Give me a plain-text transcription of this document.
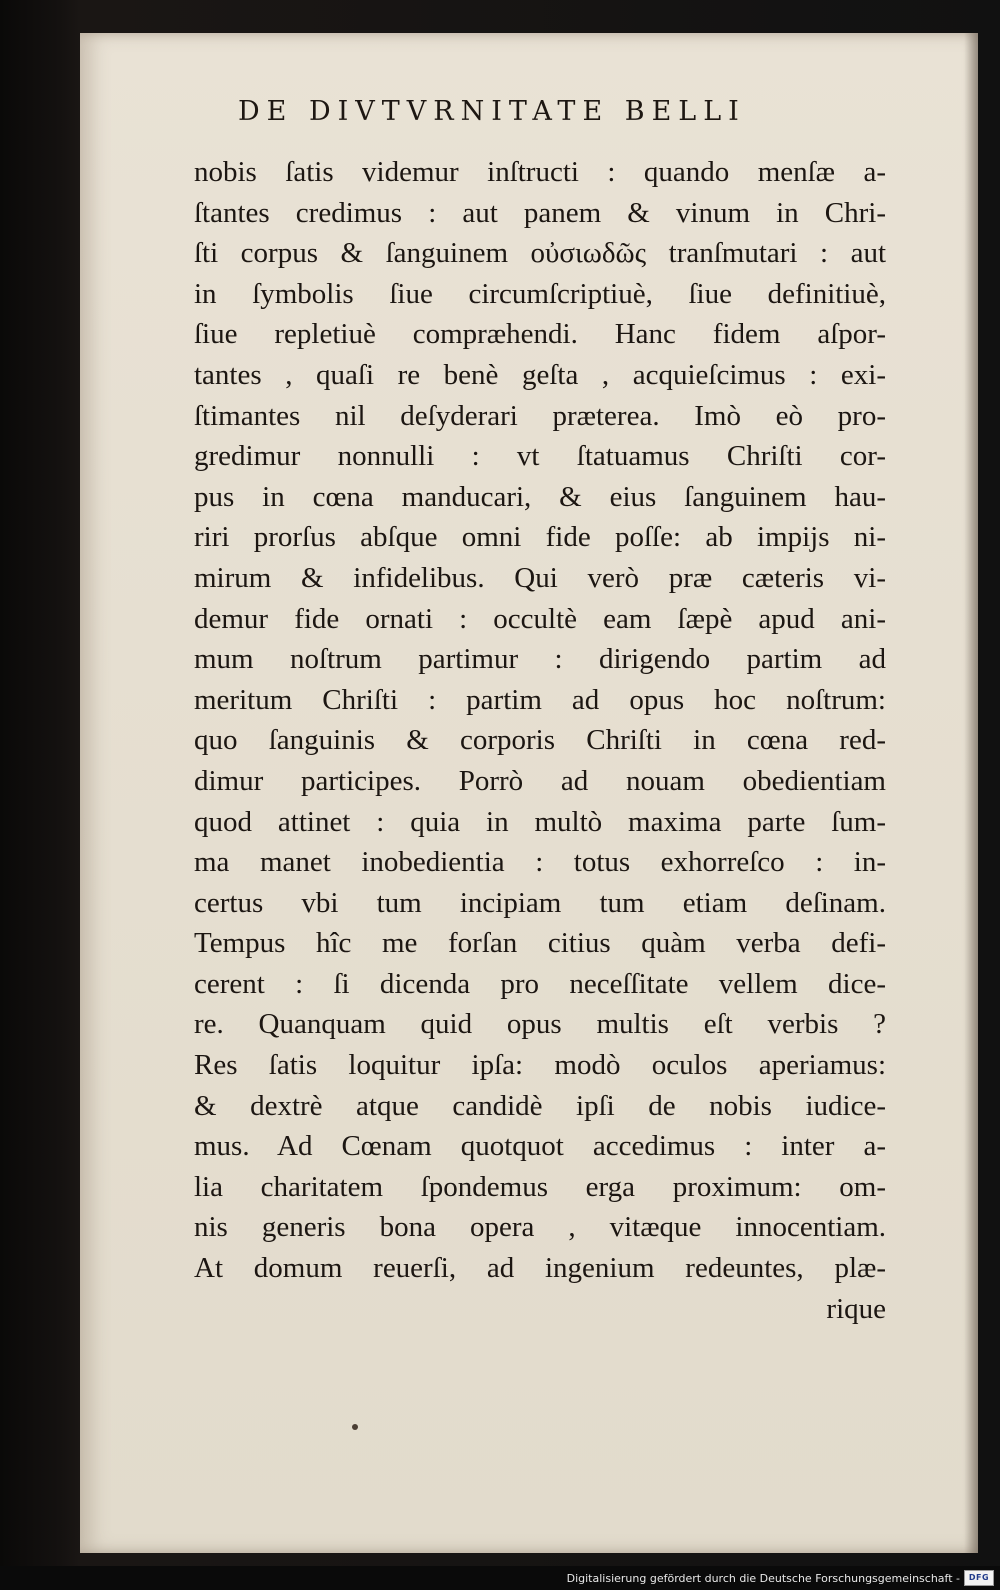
DE DIVTVRNITATE BELLI
nobis ſatis videmur inſtructi : quando menſæ a-
ſtantes credimus : aut panem & vinum in Chri-
ſti corpus & ſanguinem οὐσιωδῶς tranſmutari : aut
in ſymbolis ſiue circumſcriptiuè, ſiue definitiuè,
ſiue repletiuè compræhendi. Hanc fidem aſpor-
tantes , quaſi re benè geſta , acquieſcimus : exi-
ſtimantes nil deſyderari præterea. Imò eò pro-
gredimur nonnulli : vt ſtatuamus Chriſti cor-
pus in cœna manducari, & eius ſanguinem hau-
riri prorſus abſque omni fide poſſe: ab impijs ni-
mirum & infidelibus. Qui verò præ cæteris vi-
demur fide ornati : occultè eam ſæpè apud ani-
mum noſtrum partimur : dirigendo partim ad
meritum Chriſti : partim ad opus hoc noſtrum:
quo ſanguinis & corporis Chriſti in cœna red-
dimur participes. Porrò ad nouam obedientiam
quod attinet : quia in multò maxima parte ſum-
ma manet inobedientia : totus exhorreſco : in-
certus vbi tum incipiam tum etiam deſinam.
Tempus hîc me forſan citius quàm verba defi-
cerent : ſi dicenda pro neceſſitate vellem dice-
re. Quanquam quid opus multis eſt verbis ?
Res ſatis loquitur ipſa: modò oculos aperiamus:
& dextrè atque candidè ipſi de nobis iudice-
mus. Ad Cœnam quotquot accedimus : inter a-
lia charitatem ſpondemus erga proximum: om-
nis generis bona opera , vitæque innocentiam.
At domum reuerſi, ad ingenium redeuntes, plæ-
rique
Digitalisierung gefördert durch die Deutsche Forschungsgemeinschaft -	DFG
